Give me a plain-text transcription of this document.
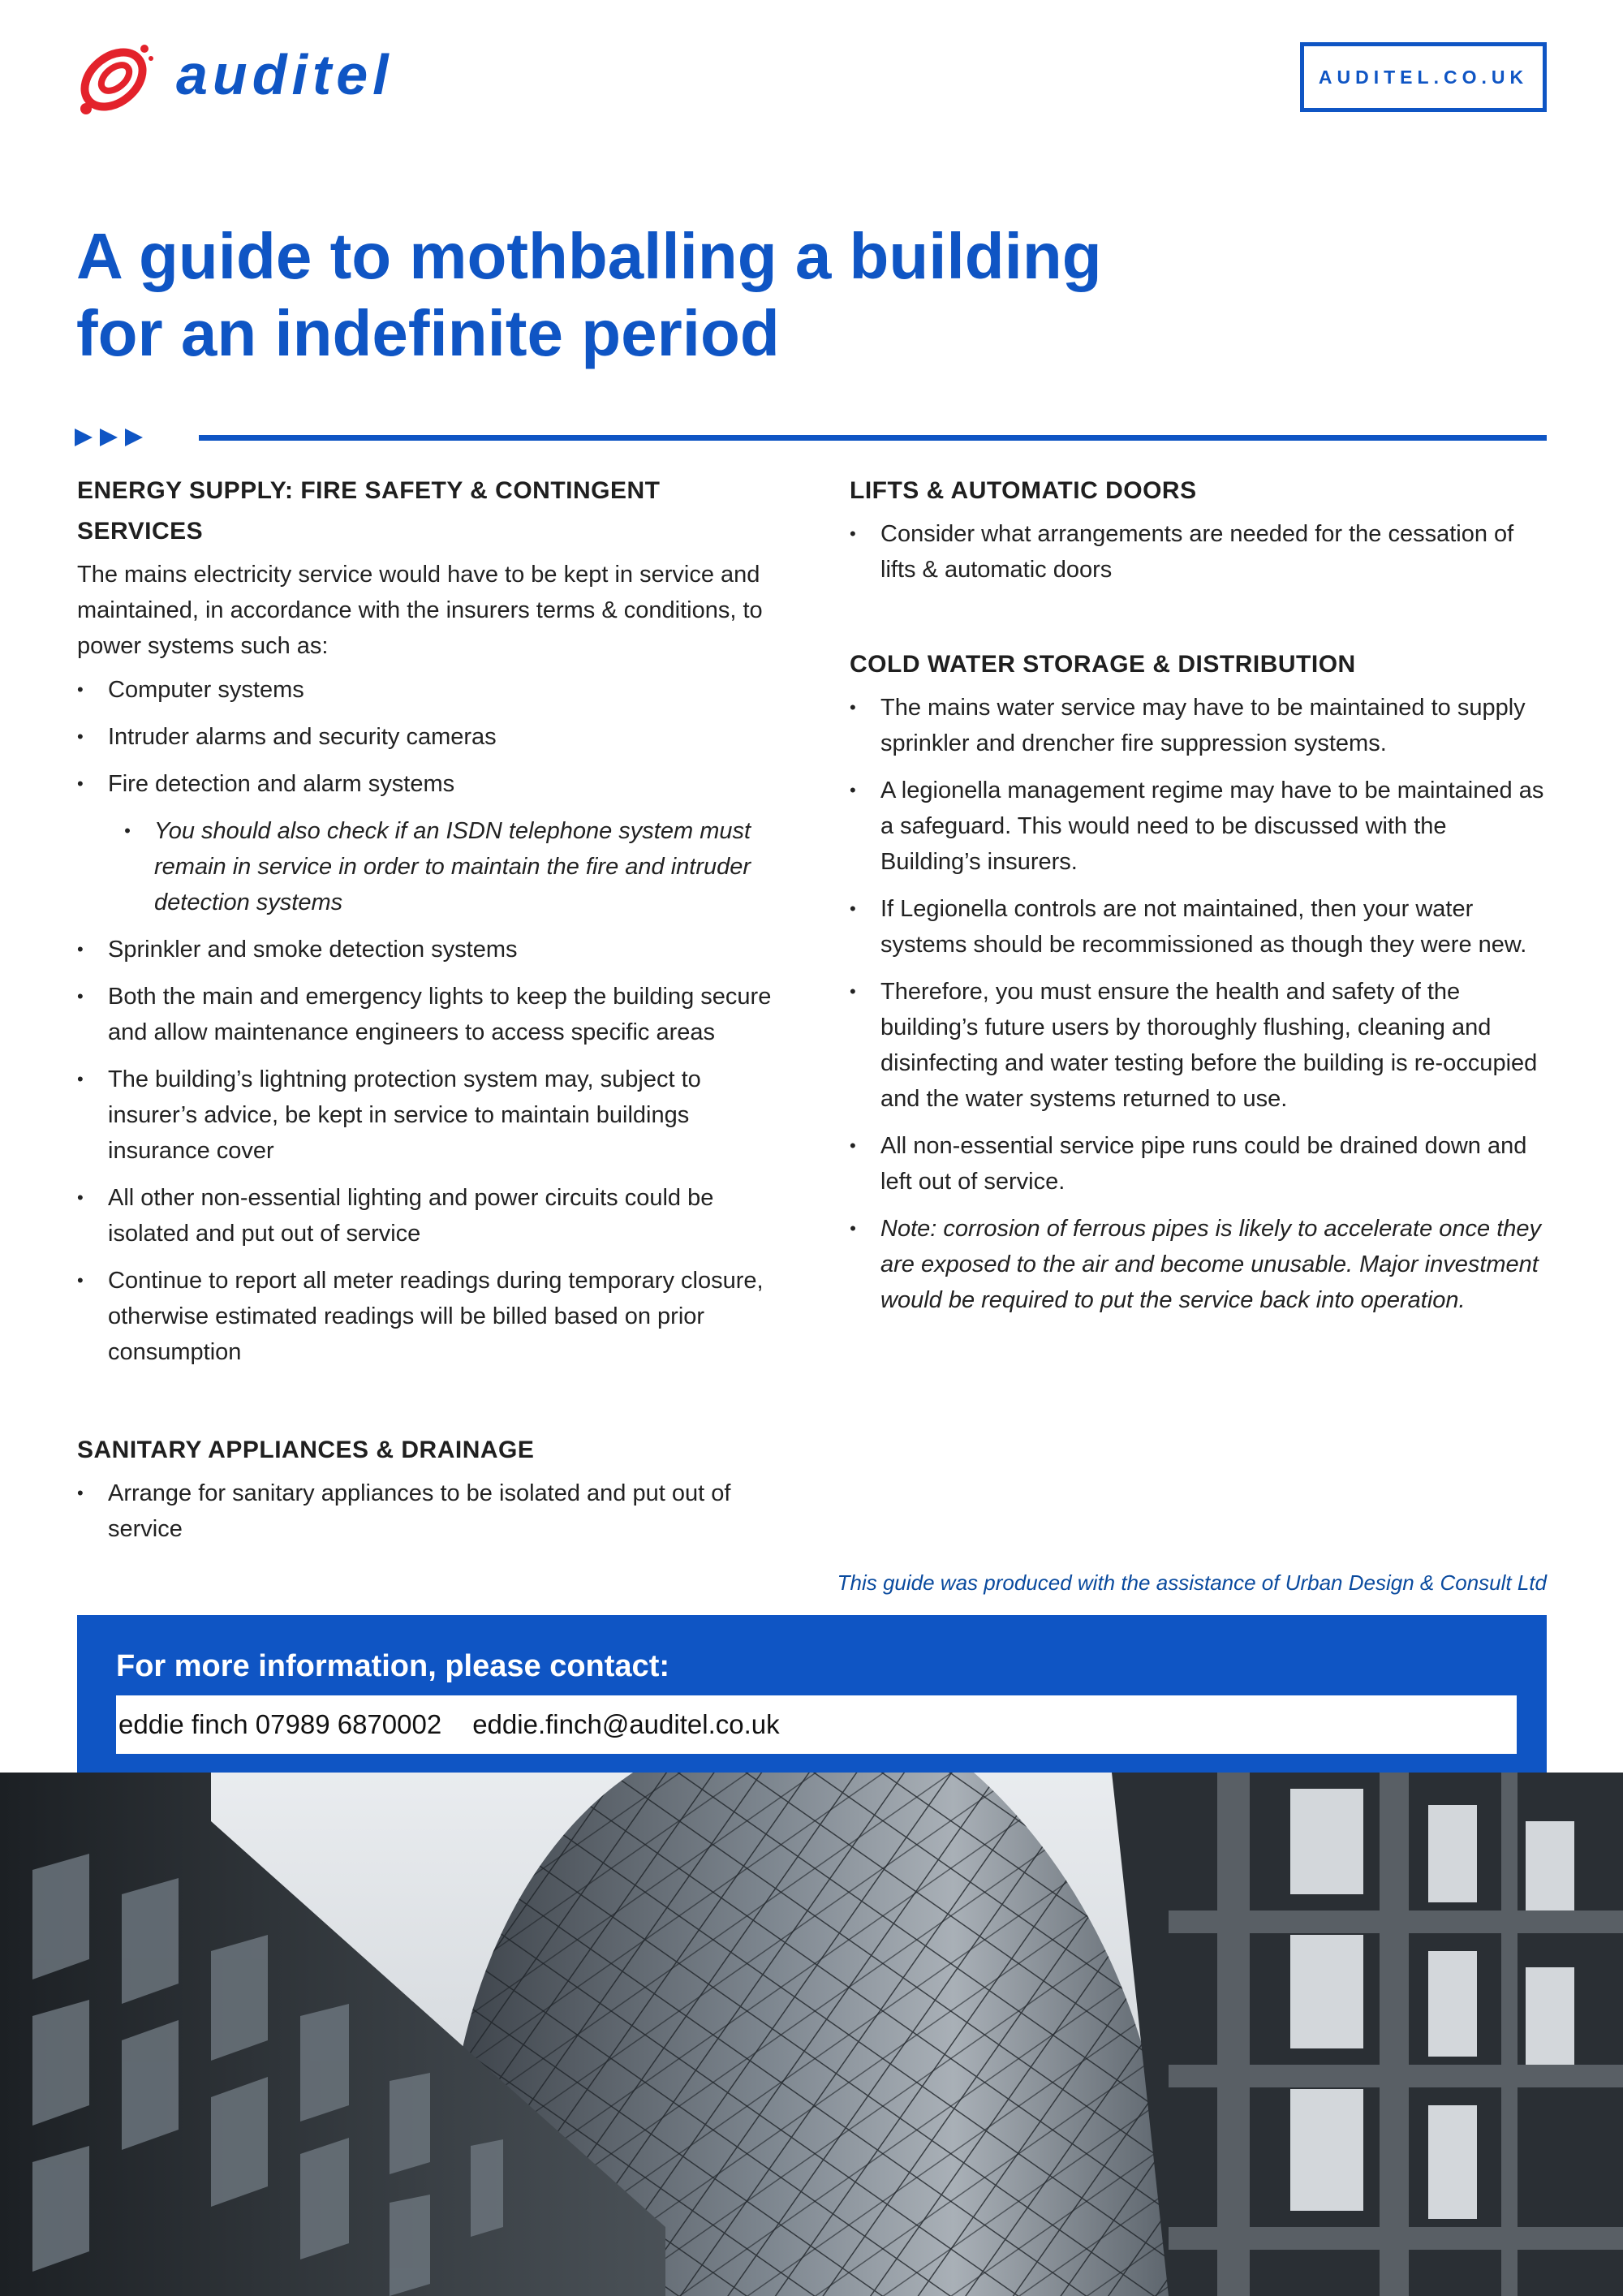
auditel	AUDITEL.CO.UK
A guide to mothballing a building
for an indefinite period
ENERGY SUPPLY: FIRE SAFETY & CONTINGENT SERVICES

The mains electricity service would have to be kept in service and maintained, in accordance with the insurers terms & conditions, to power systems such as:

• Computer systems
• Intruder alarms and security cameras
• Fire detection and alarm systems
• You should also check if an ISDN telephone system must remain in service in order to maintain the fire and intruder detection systems
• Sprinkler and smoke detection systems
• Both the main and emergency lights to keep the building secure and allow maintenance engineers to access specific areas
• The building’s lightning protection system may, subject to insurer’s advice, be kept in service to maintain buildings insurance cover
• All other non-essential lighting and power circuits could be isolated and put out of service
• Continue to report all meter readings during temporary closure, otherwise estimated readings will be billed based on prior consumption
SANITARY APPLIANCES & DRAINAGE
• Arrange for sanitary appliances to be isolated and put out of service
LIFTS & AUTOMATIC DOORS
• Consider what arrangements are needed for the cessation of lifts & automatic doors
COLD WATER STORAGE & DISTRIBUTION
• The mains water service may have to be maintained to supply sprinkler and drencher fire suppression systems.
• A legionella management regime may have to be maintained as a safeguard. This would need to be discussed with the Building’s insurers.
• If Legionella controls are not maintained, then your water systems should be recommissioned as though they were new.
• Therefore, you must ensure the health and safety of the building’s future users by thoroughly flushing, cleaning and disinfecting and water testing before the building is re-occupied and the water systems returned to use.
• All non-essential service pipe runs could be drained down and left out of service.
• Note: corrosion of ferrous pipes is likely to accelerate once they are exposed to the air and become unusable. Major investment would be required to put the service back into operation.
This guide was produced with the assistance of Urban Design & Consult Ltd
For more information, please contact:
eddie finch 07989 6870002 eddie.finch@auditel.co.uk
